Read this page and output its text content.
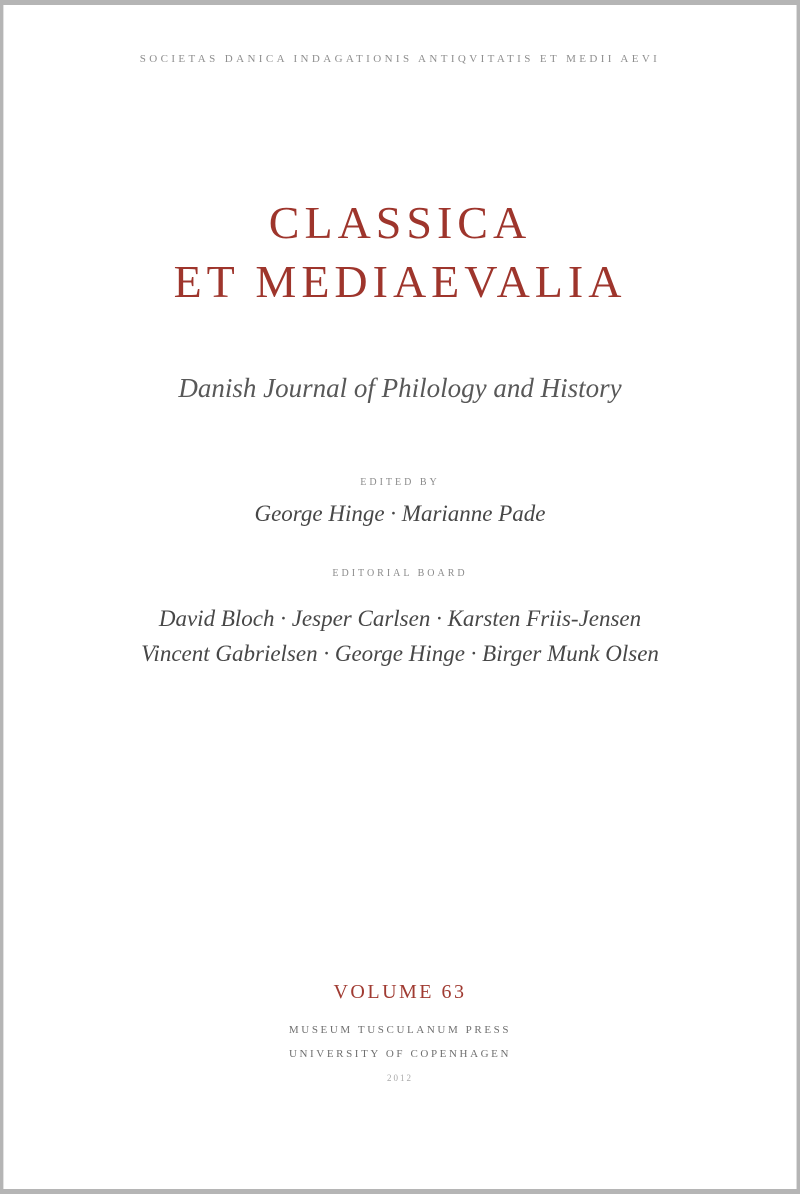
SOCIETAS DANICA INDAGATIONIS ANTIQVITATIS ET MEDII AEVI
CLASSICA
ET MEDIAEVALIA
Danish Journal of Philology and History
EDITED BY
George Hinge · Marianne Pade
EDITORIAL BOARD
David Bloch · Jesper Carlsen · Karsten Friis-Jensen
Vincent Gabrielsen · George Hinge · Birger Munk Olsen
VOLUME 63
MUSEUM TUSCULANUM PRESS
UNIVERSITY OF COPENHAGEN
2012
